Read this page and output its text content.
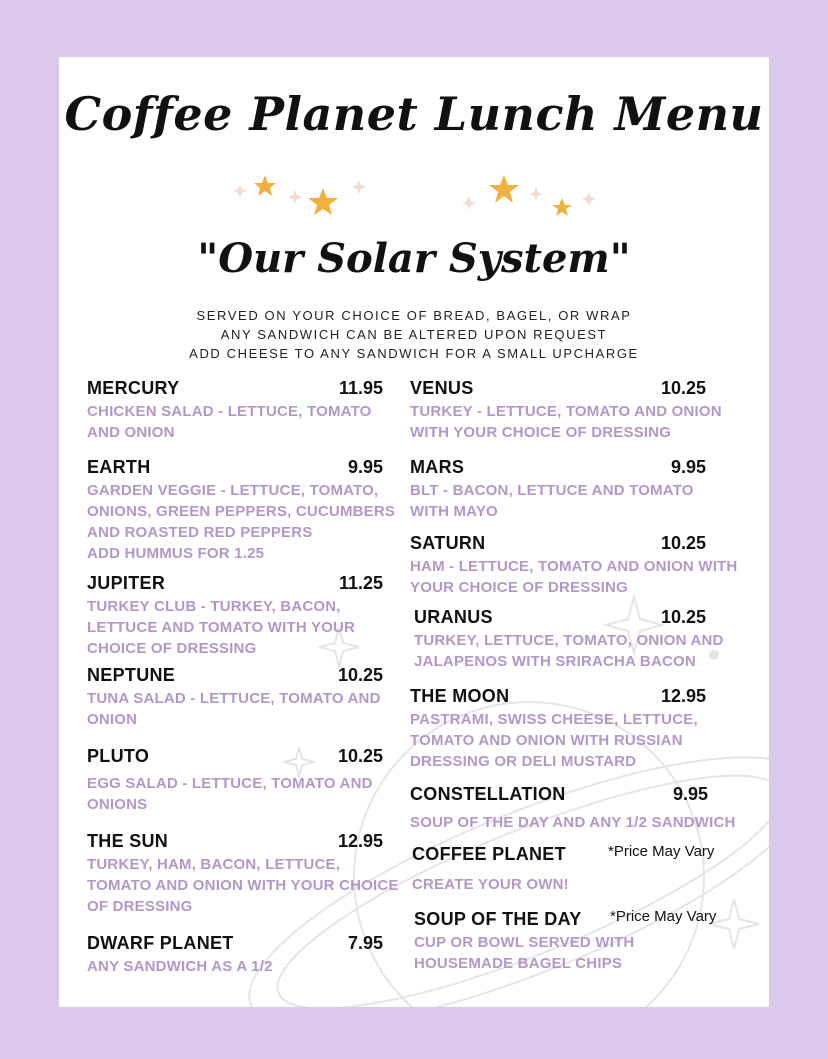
Coffee Planet Lunch Menu
"Our Solar System"
SERVED ON YOUR CHOICE OF BREAD, BAGEL, OR WRAP
ANY SANDWICH CAN BE ALTERED UPON REQUEST
ADD CHEESE TO ANY SANDWICH FOR A SMALL UPCHARGE
MERCURY	11.95
CHICKEN SALAD - LETTUCE, TOMATO
AND ONION
EARTH	9.95
GARDEN VEGGIE - LETTUCE, TOMATO,
ONIONS, GREEN PEPPERS, CUCUMBERS
AND ROASTED RED PEPPERS
ADD HUMMUS FOR 1.25
JUPITER	11.25
TURKEY CLUB - TURKEY, BACON,
LETTUCE AND TOMATO WITH YOUR
CHOICE OF DRESSING
NEPTUNE	10.25
TUNA SALAD - LETTUCE, TOMATO AND
ONION
PLUTO	10.25
EGG SALAD - LETTUCE, TOMATO AND
ONIONS
THE SUN	12.95
TURKEY, HAM, BACON, LETTUCE,
TOMATO AND ONION WITH YOUR CHOICE
OF DRESSING
DWARF PLANET	7.95
ANY SANDWICH AS A 1/2
VENUS	10.25
TURKEY - LETTUCE, TOMATO AND ONION
WITH YOUR CHOICE OF DRESSING
MARS	9.95
BLT - BACON, LETTUCE AND TOMATO
WITH MAYO
SATURN	10.25
HAM - LETTUCE, TOMATO AND ONION WITH
YOUR CHOICE OF DRESSING
URANUS	10.25
TURKEY, LETTUCE, TOMATO, ONION AND
JALAPENOS WITH SRIRACHA BACON
THE MOON	12.95
PASTRAMI, SWISS CHEESE, LETTUCE,
TOMATO AND ONION WITH RUSSIAN
DRESSING OR DELI MUSTARD
CONSTELLATION	9.95
SOUP OF THE DAY AND ANY 1/2 SANDWICH
COFFEE PLANET	*Price May Vary
CREATE YOUR OWN!
SOUP OF THE DAY *Price May Vary
CUP OR BOWL SERVED WITH
HOUSEMADE BAGEL CHIPS
